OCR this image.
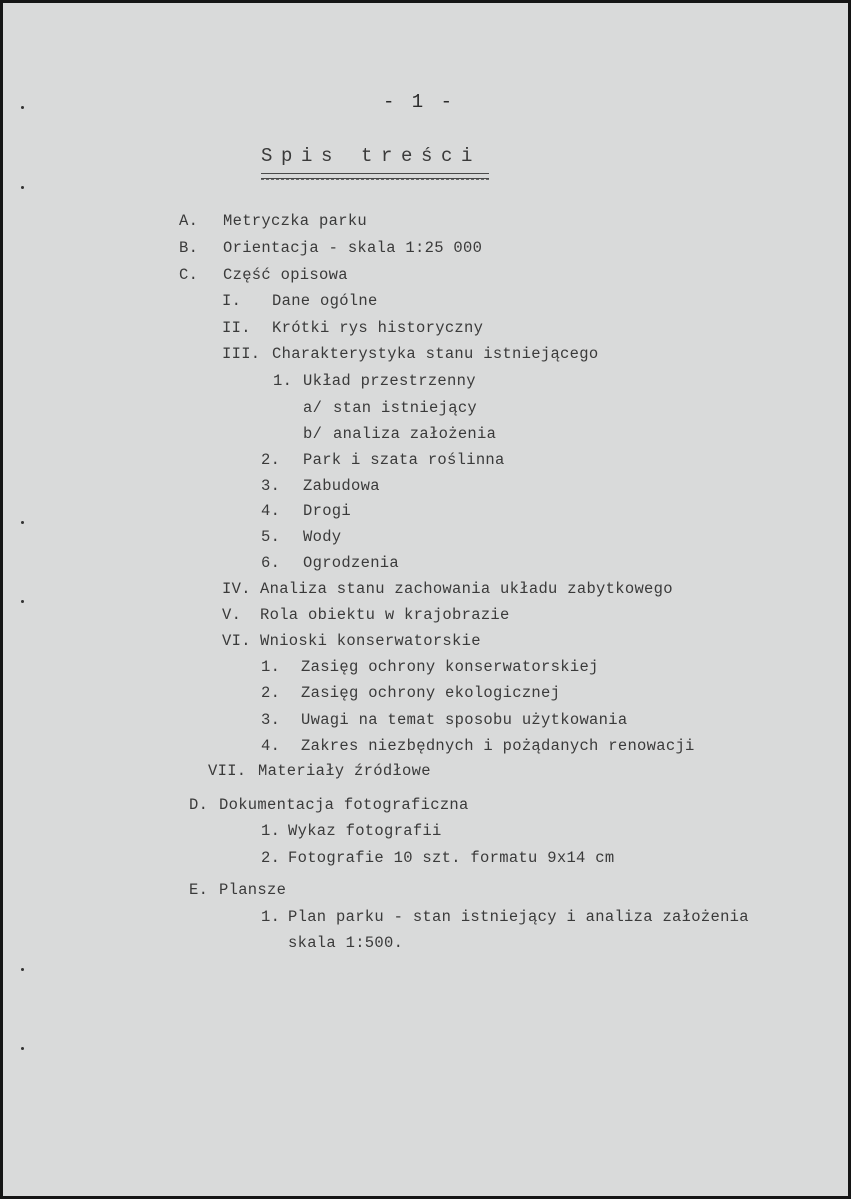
- 1 -
Spis treści
A. Metryczka parku
B. Orientacja - skala 1:25 000
C. Część opisowa
I. Dane ogólne
II. Krótki rys historyczny
III. Charakterystyka stanu istniejącego
1. Układ przestrzenny
a/ stan istniejący
b/ analiza założenia
2. Park i szata roślinna
3. Zabudowa
4. Drogi
5. Wody
6. Ogrodzenia
IV. Analiza stanu zachowania układu zabytkowego
V. Rola obiektu w krajobrazie
VI. Wnioski konserwatorskie
1. Zasięg ochrony konserwatorskiej
2. Zasięg ochrony ekologicznej
3. Uwagi na temat sposobu użytkowania
4. Zakres niezbędnych i pożądanych renowacji
VII. Materiały źródłowe
D. Dokumentacja fotograficzna
1. Wykaz fotografii
2. Fotografie 10 szt. formatu 9x14 cm
E. Plansze
1. Plan parku - stan istniejący i analiza założenia
skala 1:500.
